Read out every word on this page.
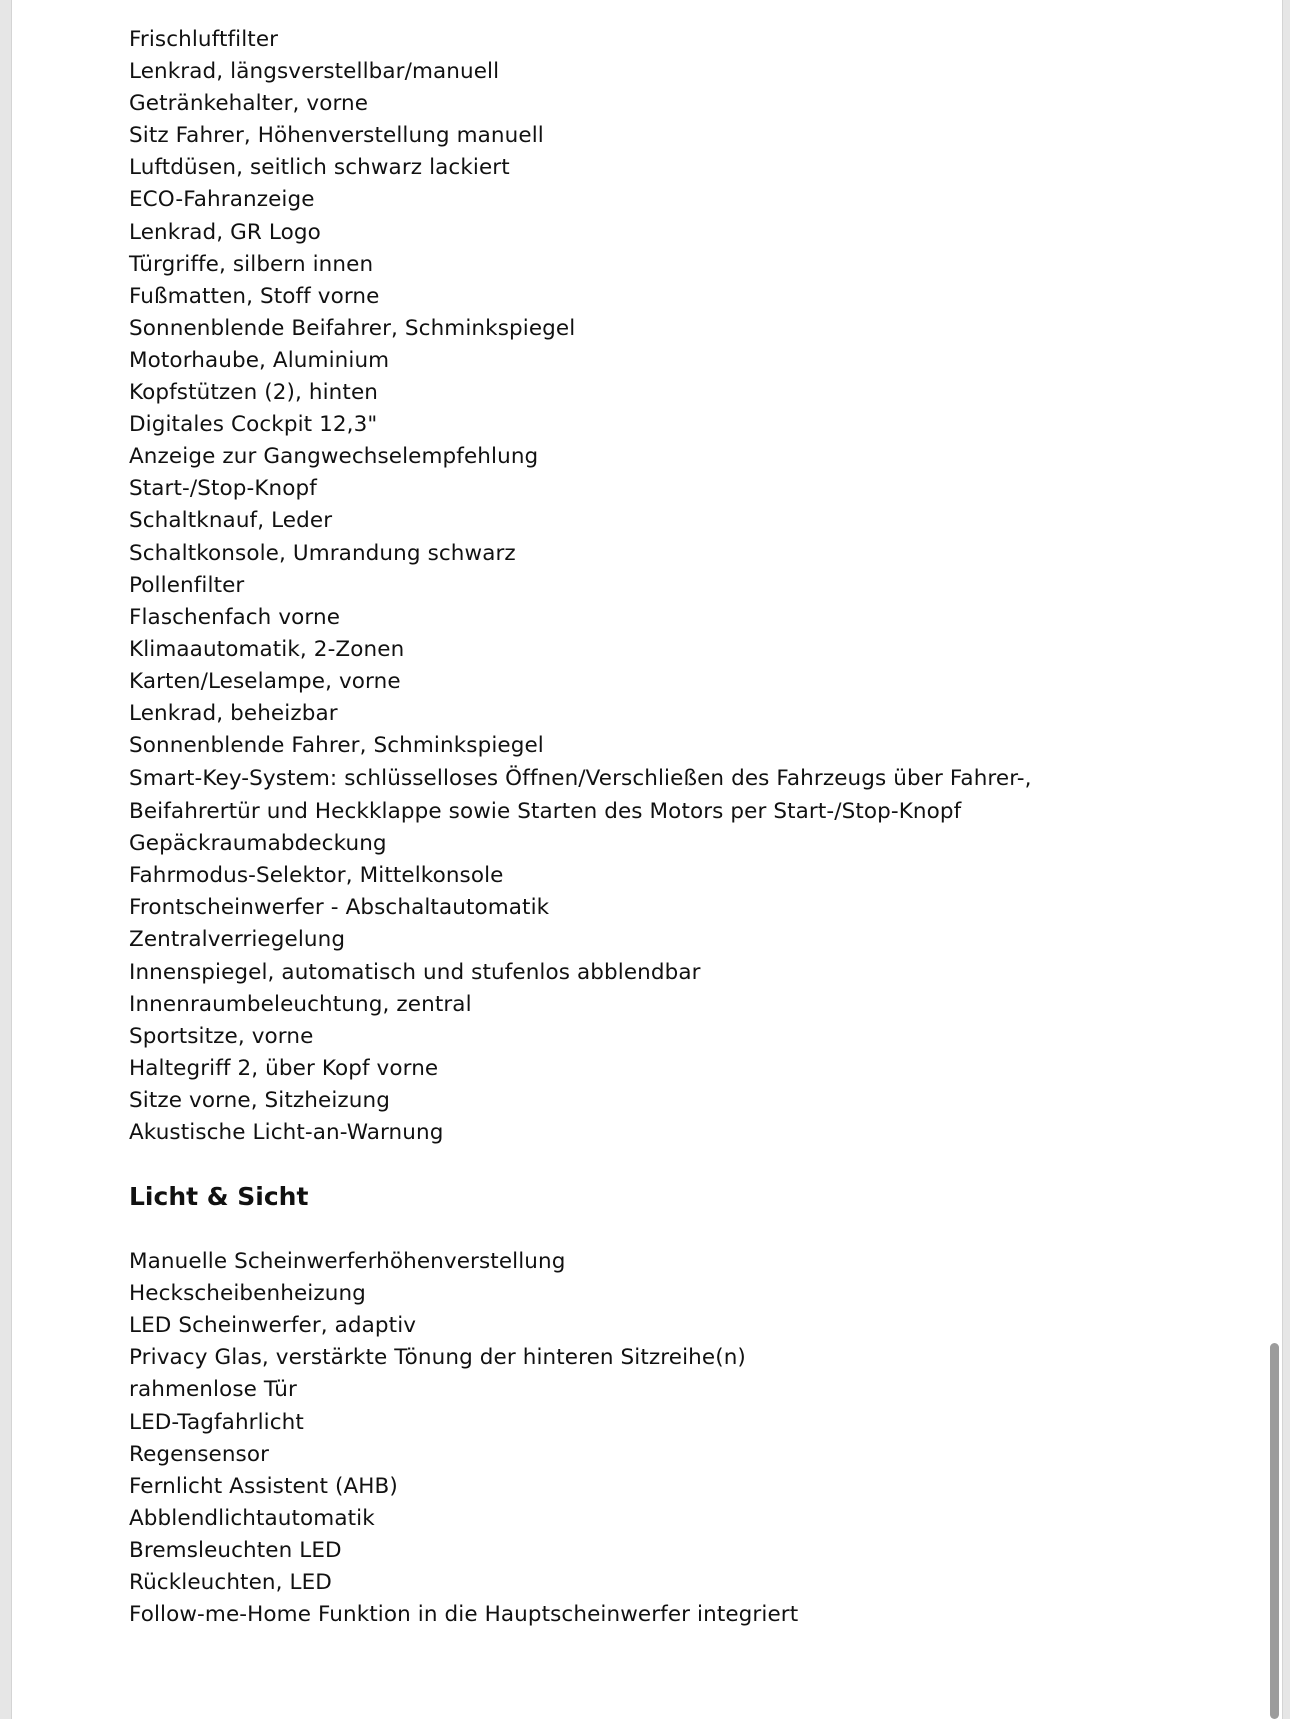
Frischluftfilter
Lenkrad, längsverstellbar/manuell
Getränkehalter, vorne
Sitz Fahrer, Höhenverstellung manuell
Luftdüsen, seitlich schwarz lackiert
ECO-Fahranzeige
Lenkrad, GR Logo
Türgriffe, silbern innen
Fußmatten, Stoff vorne
Sonnenblende Beifahrer, Schminkspiegel
Motorhaube, Aluminium
Kopfstützen (2), hinten
Digitales Cockpit 12,3"
Anzeige zur Gangwechselempfehlung
Start-/Stop-Knopf
Schaltknauf, Leder
Schaltkonsole, Umrandung schwarz
Pollenfilter
Flaschenfach vorne
Klimaautomatik, 2-Zonen
Karten/Leselampe, vorne
Lenkrad, beheizbar
Sonnenblende Fahrer, Schminkspiegel
Smart-Key-System: schlüsselloses Öffnen/Verschließen des Fahrzeugs über Fahrer-, Beifahrertür und Heckklappe sowie Starten des Motors per Start-/Stop-Knopf
Gepäckraumabdeckung
Fahrmodus-Selektor, Mittelkonsole
Frontscheinwerfer - Abschaltautomatik
Zentralverriegelung
Innenspiegel, automatisch und stufenlos abblendbar
Innenraumbeleuchtung, zentral
Sportsitze, vorne
Haltegriff 2, über Kopf vorne
Sitze vorne, Sitzheizung
Akustische Licht-an-Warnung
Licht & Sicht
Manuelle Scheinwerferhöhenverstellung
Heckscheibenheizung
LED Scheinwerfer, adaptiv
Privacy Glas, verstärkte Tönung der hinteren Sitzreihe(n)
rahmenlose Tür
LED-Tagfahrlicht
Regensensor
Fernlicht Assistent (AHB)
Abblendlichtautomatik
Bremsleuchten LED
Rückleuchten, LED
Follow-me-Home Funktion in die Hauptscheinwerfer integriert
